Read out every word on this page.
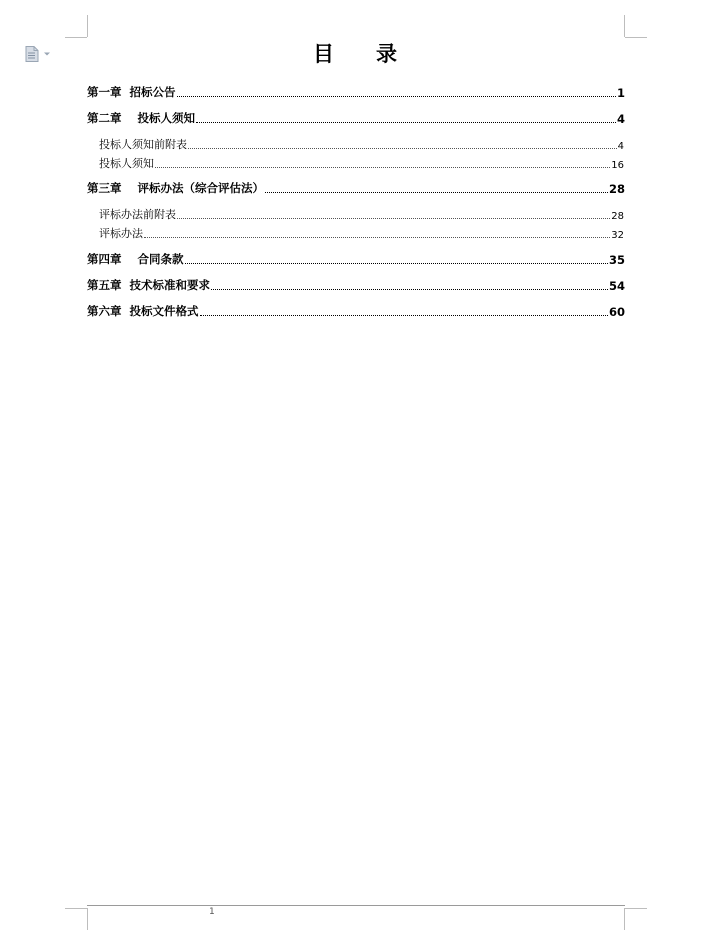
目 录
第一章 招标公告	1
第二章 投标人须知	4
投标人须知前附表	4
投标人须知	16
第三章 评标办法（综合评估法）	28
评标办法前附表	28
评标办法	32
第四章 合同条款	35
第五章 技术标准和要求	54
第六章 投标文件格式	60
1
